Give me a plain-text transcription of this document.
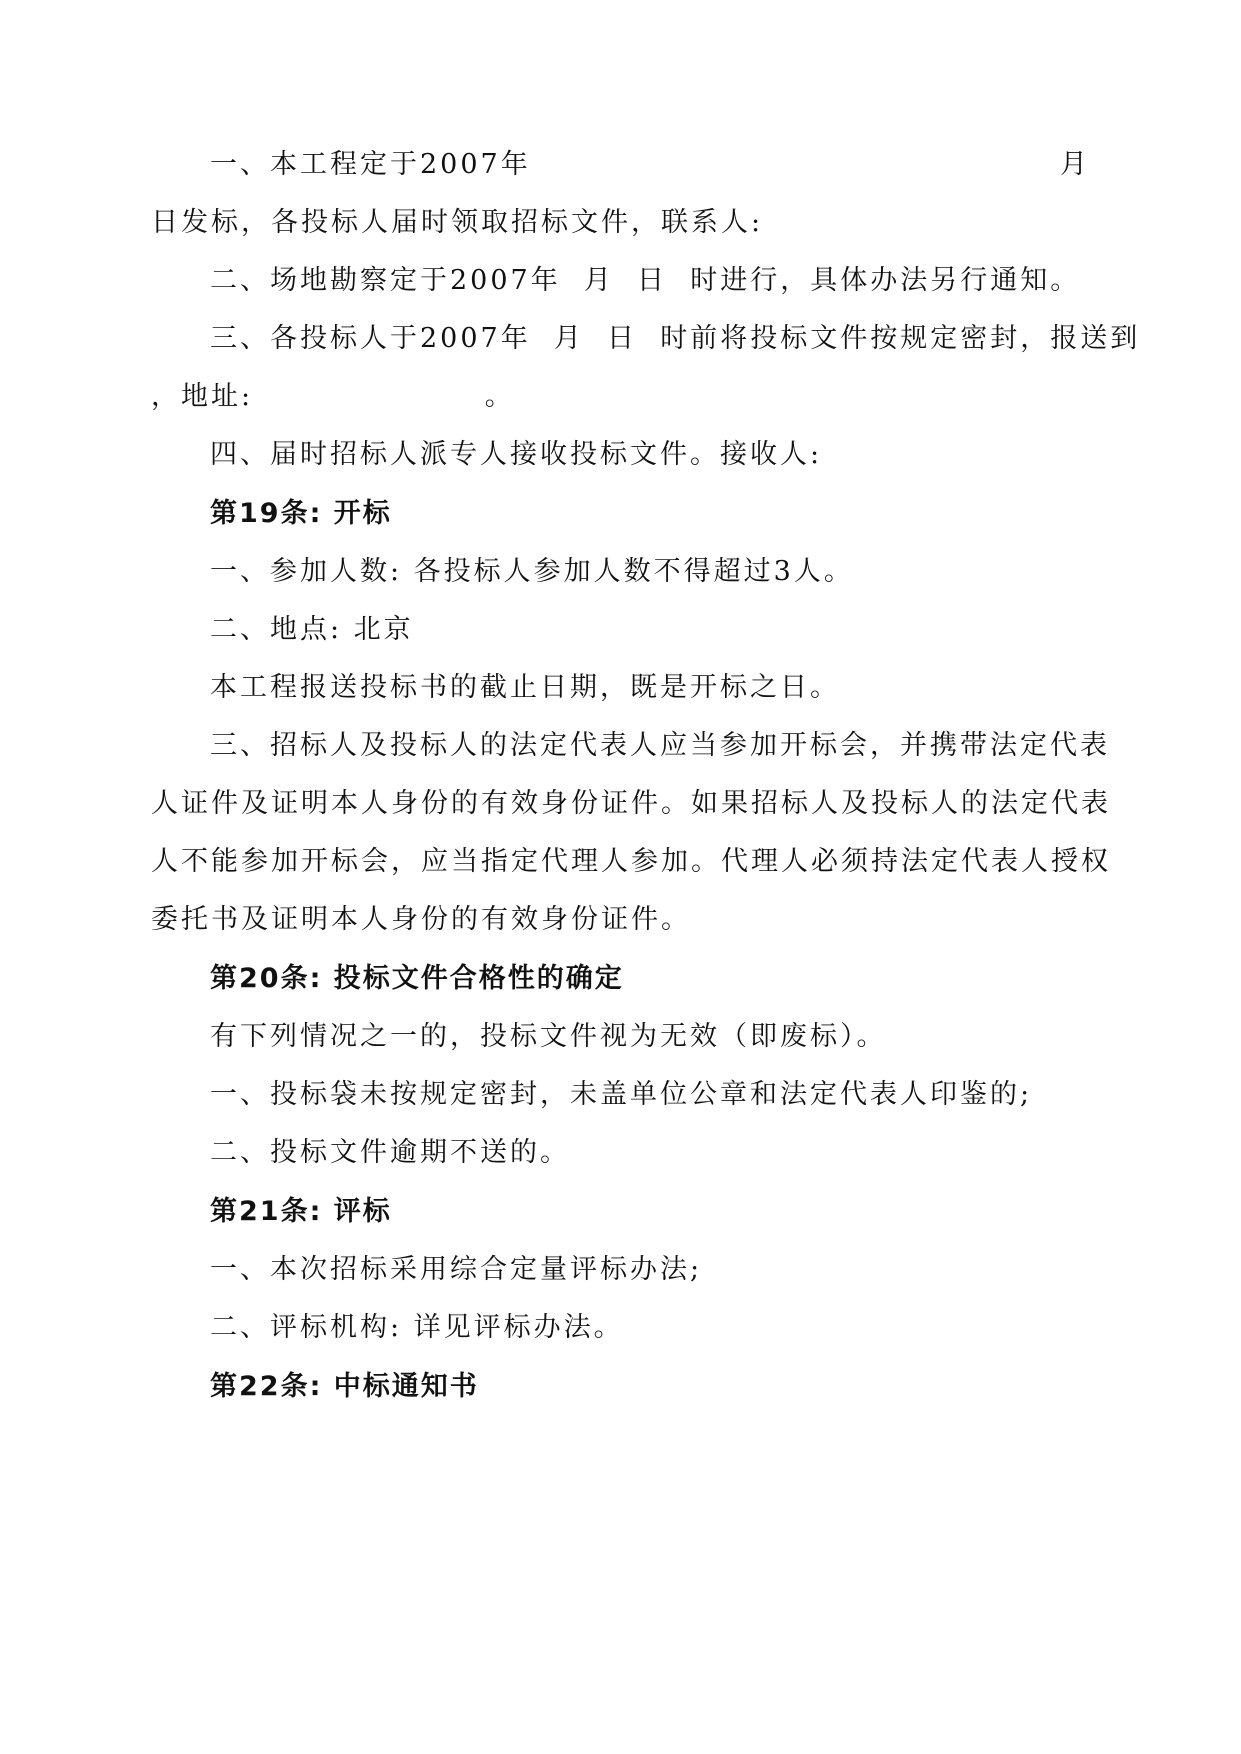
一、本工程定于2007年	月
日发标，各投标人届时领取招标文件，联系人:
二、场地勘察定于2007年  月  日  时进行，具体办法另行通知。
三、各投标人于2007年  月  日  时前将投标文件按规定密封，报送到
，地址:                    。
四、届时招标人派专人接收投标文件。接收人:
第19条: 开标
一、参加人数: 各投标人参加人数不得超过3人。
二、地点: 北京
本工程报送投标书的截止日期，既是开标之日。
三、招标人及投标人的法定代表人应当参加开标会，并携带法定代表
人证件及证明本人身份的有效身份证件。如果招标人及投标人的法定代表
人不能参加开标会，应当指定代理人参加。代理人必须持法定代表人授权
委托书及证明本人身份的有效身份证件。
第20条: 投标文件合格性的确定
有下列情况之一的，投标文件视为无效（即废标）。
一、投标袋未按规定密封，未盖单位公章和法定代表人印鉴的;
二、投标文件逾期不送的。
第21条: 评标
一、本次招标采用综合定量评标办法;
二、评标机构: 详见评标办法。
第22条: 中标通知书
